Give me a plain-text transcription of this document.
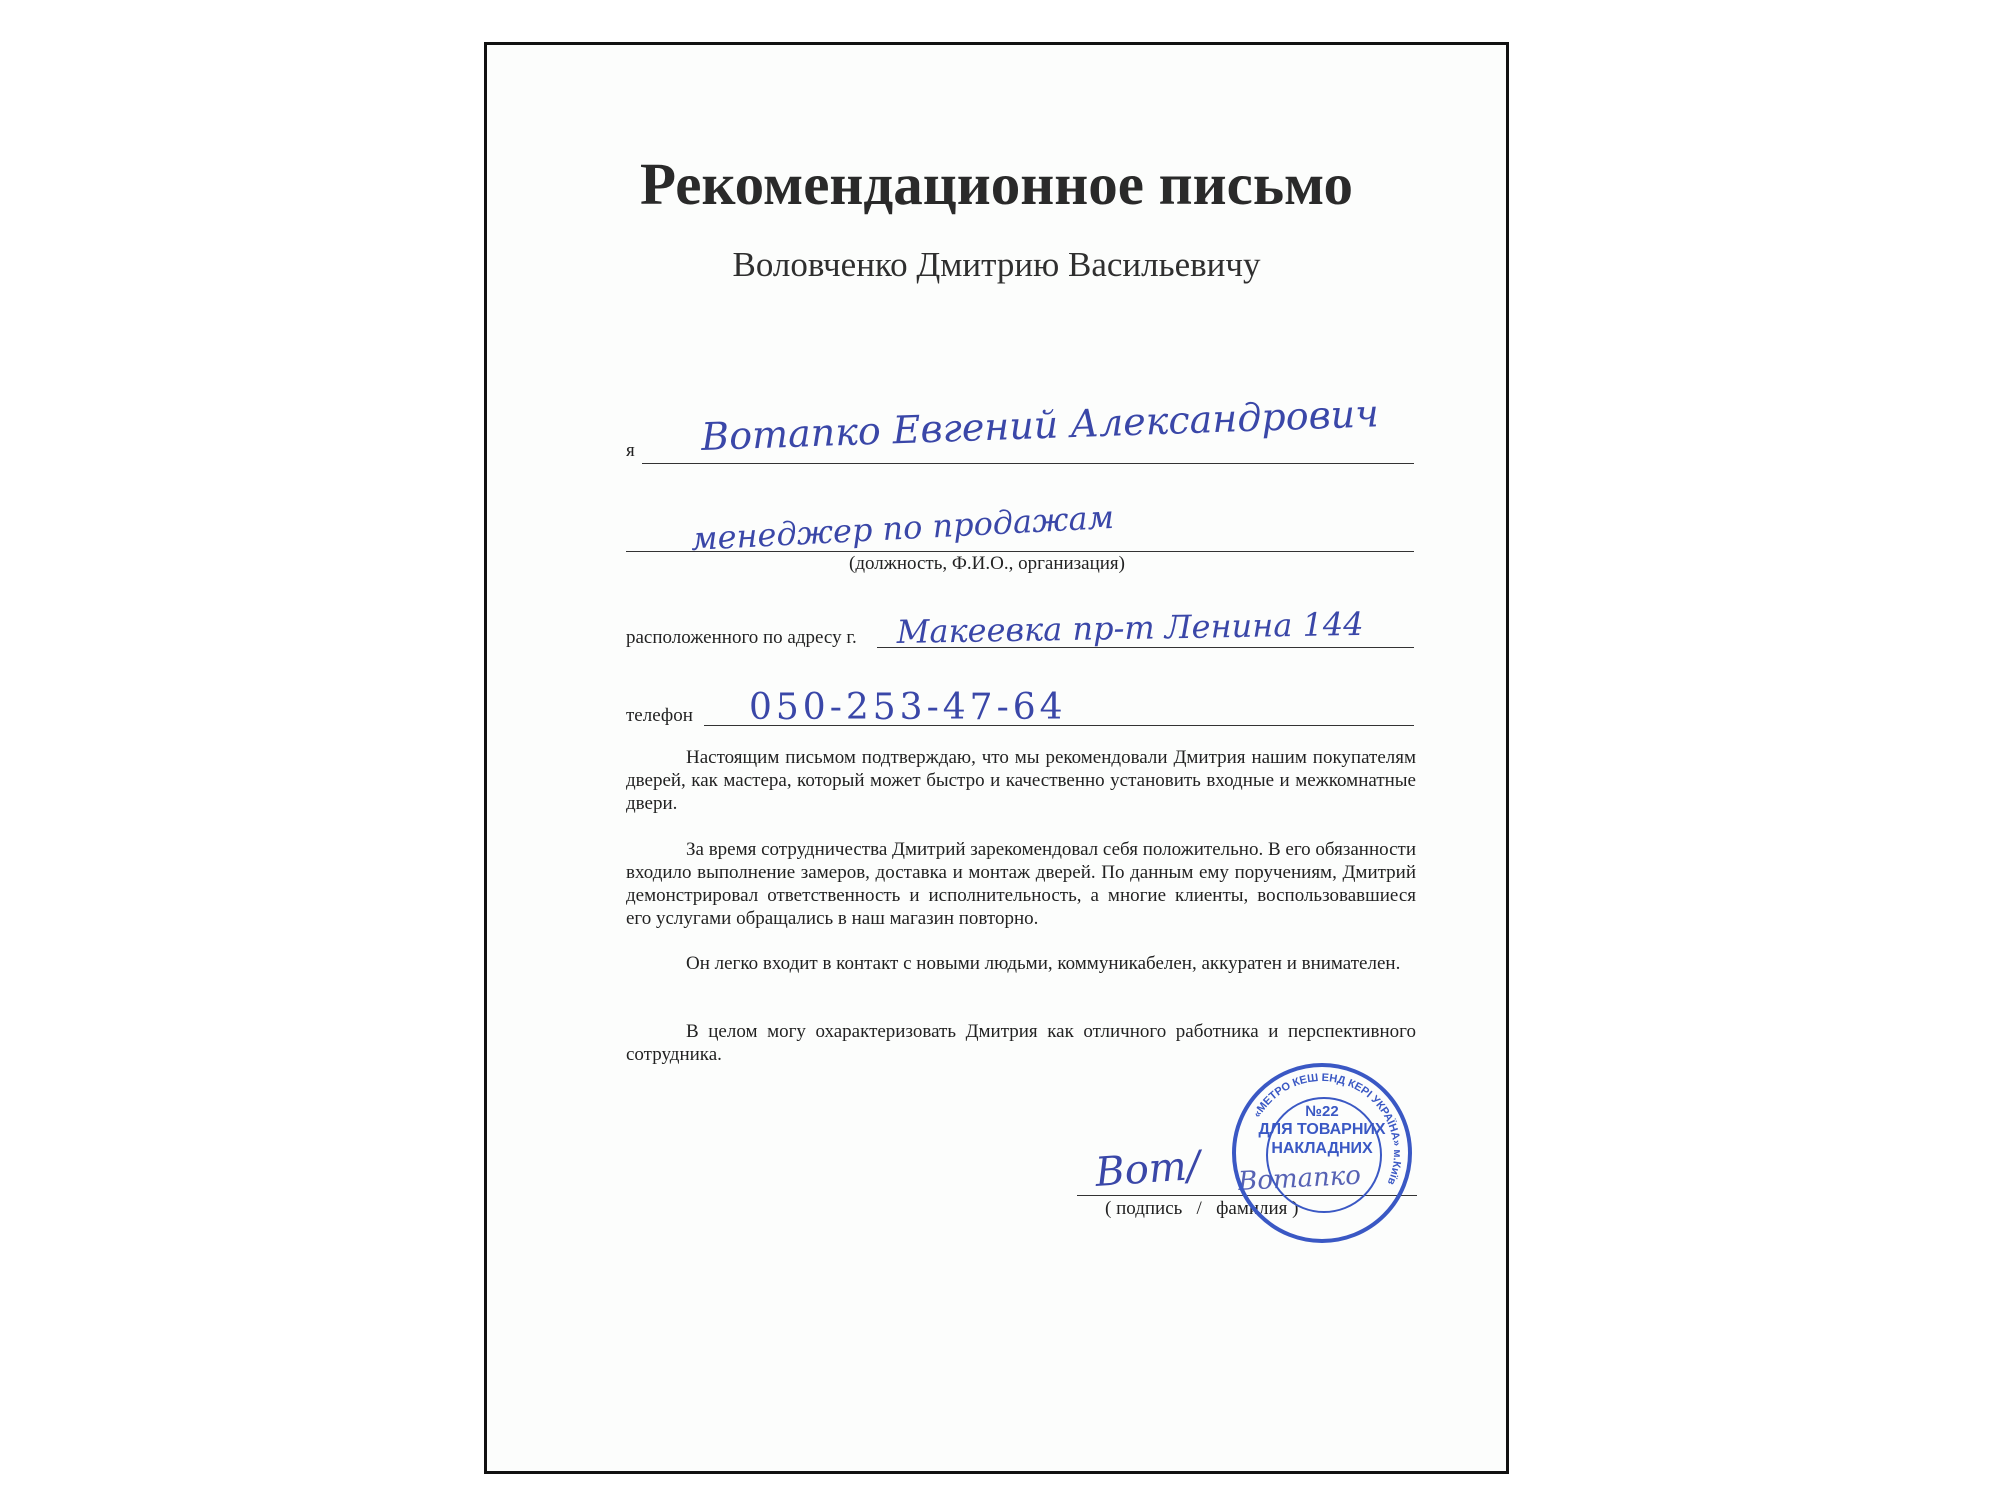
Рекомендационное письмо
Воловченко Дмитрию Васильевичу
я Вотапко Евгений Александрович
менеджер по продажам
(должность, Ф.И.О., организация)
расположенного по адресу г. Макеевка пр-т Ленина 144
телефон 050-253-47-64

Настоящим письмом подтверждаю, что мы рекомендовали Дмитрия нашим покупателям дверей, как мастера, который может быстро и качественно установить входные и межкомнатные двери.

За время сотрудничества Дмитрий зарекомендовал себя положительно. В его обязанности входило выполнение замеров, доставка и монтаж дверей. По данным ему поручениям, Дмитрий демонстрировал ответственность и исполнительность, а многие клиенты, воспользовавшиеся его услугами обращались в наш магазин повторно.

Он легко входит в контакт с новыми людьми, коммуникабелен, аккуратен и внимателен.

В целом могу охарактеризовать Дмитрия как отличного работника и перспективного сотрудника.

Вот/ Вотапко
( подпись   /   фамилия )
«МЕТРО КЕШ ЕНД КЕРІ УКРАЇНА» м.Київ
№22
ДЛЯ ТОВАРНИХ НАКЛАДНИХ
